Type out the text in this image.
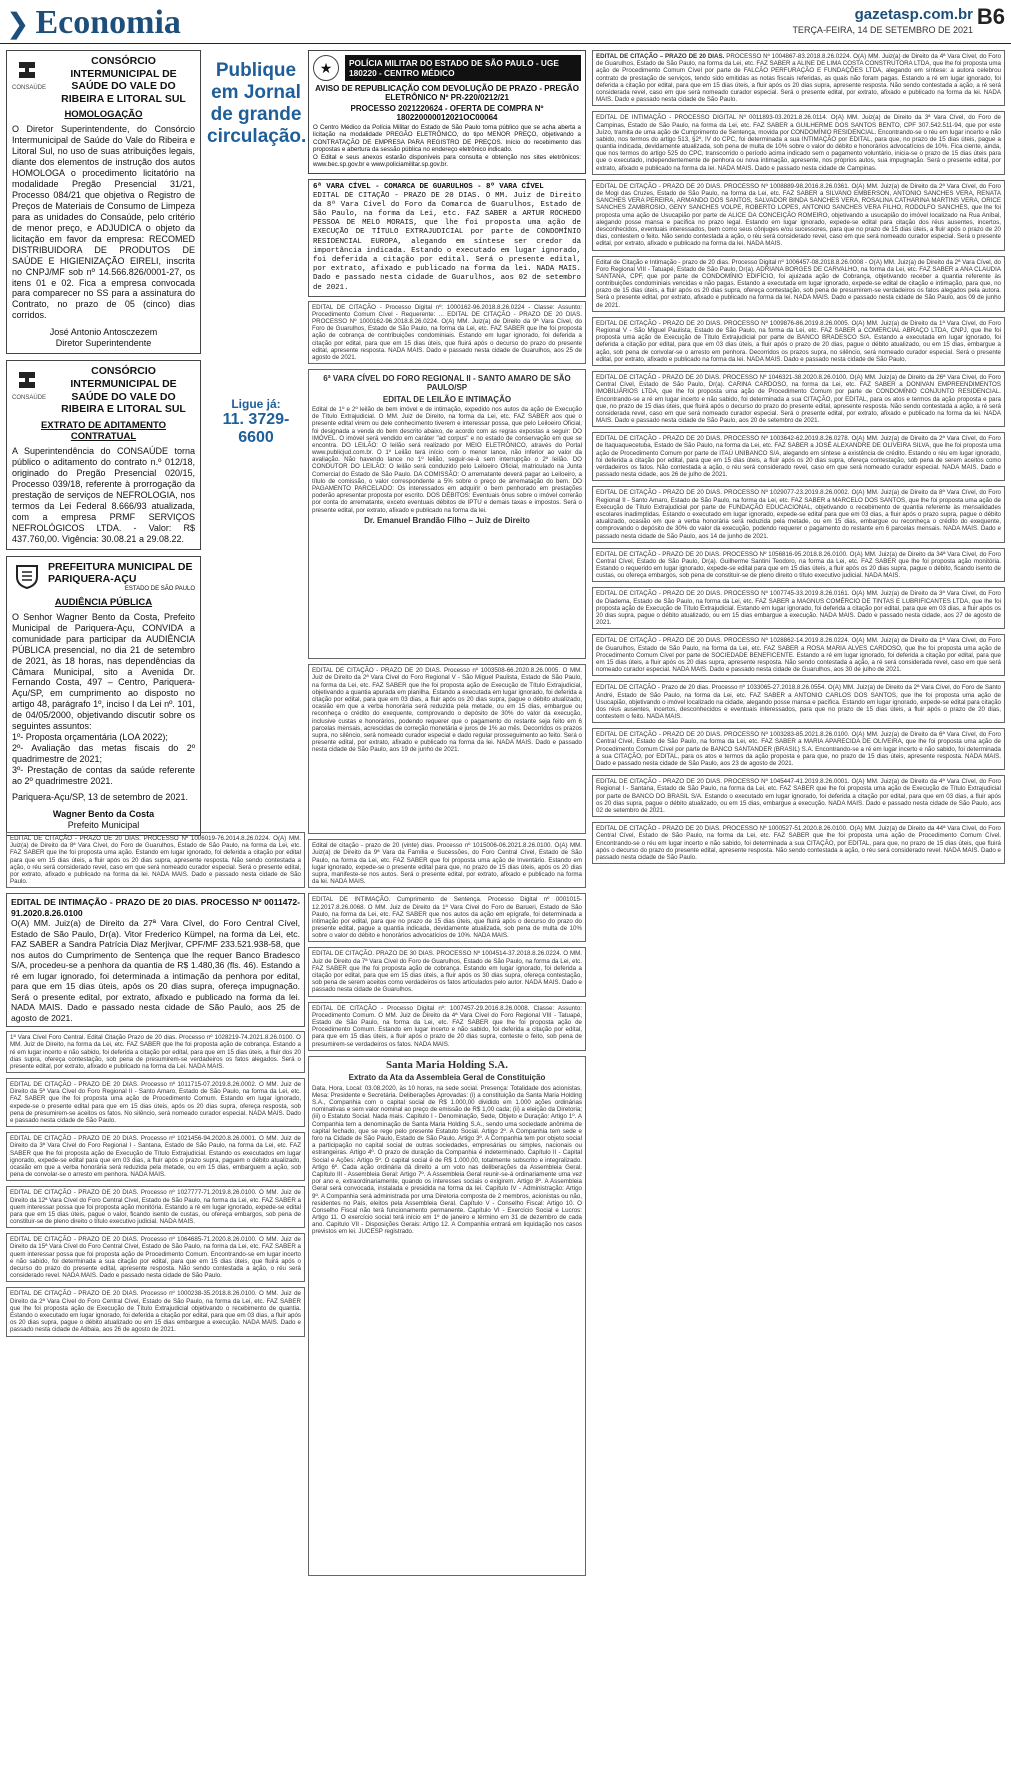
❯ Economia	gazetasp.com.br
TERÇA-FEIRA, 14 DE SETEMBRO DE 2021
B6
CONSAÚDE
CONSÓRCIO INTERMUNICIPAL DE SAÚDE DO VALE DO RIBEIRA E LITORAL SUL
HOMOLOGAÇÃO
O Diretor Superintendente, do Consórcio Intermunicipal de Saúde do Vale do Ribeira e Litoral Sul, no uso de suas atribuições legais, diante dos elementos de instrução dos autos HOMOLOGA o procedimento licitatório na modalidade Pregão Presencial 31/21, Processo 084/21 que objetiva o Registro de Preços de Materiais de Consumo de Limpeza para as unidades do Consaúde, pelo critério de menor preço, e ADJUDICA o objeto da licitação em favor da empresa: RECOMED DISTRIBUIDORA DE PRODUTOS DE SAÚDE E HIGIENIZAÇÃO EIRELI, inscrita no CNPJ/MF sob nº 14.566.826/0001-27, os itens 01 e 02. Fica a empresa convocada para comparecer no SS para a assinatura do Contrato, no prazo de 05 (cinco) dias corridos.
José Antonio Antosczezem
Diretor Superintendente
CONSAÚDE
CONSÓRCIO INTERMUNICIPAL DE SAÚDE DO VALE DO RIBEIRA E LITORAL SUL
EXTRATO DE ADITAMENTO CONTRATUAL
A Superintendência do CONSAÚDE torna público o aditamento do contrato n.º 012/18, originado do Pregão Presencial 020/15, Processo 039/18, referente à prorrogação da prestação de serviços de NEFROLOGIA, nos termos da Lei Federal 8.666/93 atualizada, com a empresa PRMF SERVIÇOS NEFROLÓGICOS LTDA. - Valor: R$ 437.760,00. Vigência: 30.08.21 a 29.08.22.
PREFEITURA MUNICIPAL DE PARIQUERA-AÇU
ESTADO DE SÃO PAULO
AUDIÊNCIA PÚBLICA
O Senhor Wagner Bento da Costa, Prefeito Municipal de Pariquera-Açu, CONVIDA a comunidade para participar da AUDIÊNCIA PÚBLICA presencial, no dia 21 de setembro de 2021, às 18 horas, nas dependências da Câmara Municipal, sito a Avenida Dr. Fernando Costa, 497 – Centro, Pariquera-Açu/SP, em cumprimento ao disposto no artigo 48, parágrafo 1º, inciso I da Lei nº. 101, de 04/05/2000, objetivando discutir sobre os seguintes assuntos:
1º- Proposta orçamentária (LOA 2022);
2º- Avaliação das metas fiscais do 2º quadrimestre de 2021;
3º- Prestação de contas da saúde referente ao 2º quadrimestre 2021.
Pariquera-Açu/SP, 13 de setembro de 2021.
Wagner Bento da Costa
Prefeito Municipal
Publique em Jornal de grande circulação.
Ligue já:
11. 3729-6600
EDITAL DE CITAÇÃO - PRAZO DE 20 DIAS. PROCESSO Nº 1006019-76.2014.8.26.0224. O(A) MM. Juiz(a) de Direito da 8ª Vara Cível, do Foro de Guarulhos, Estado de São Paulo, na forma da Lei, etc. FAZ SABER que lhe foi proposta uma ação. Estando em lugar ignorado, foi deferida a citação por edital para que em 15 dias úteis, a fluir após os 20 dias supra, apresente resposta. Não sendo contestada a ação, o réu será considerado revel, caso em que será nomeado curador especial. Será o presente edital, por extrato, afixado e publicado na forma da lei. NADA MAIS. Dado e passado nesta cidade de São Paulo.
EDITAL DE INTIMAÇÃO - PRAZO DE 20 DIAS. PROCESSO Nº 0011472-91.2020.8.26.0100
O(A) MM. Juiz(a) de Direito da 27ª Vara Cível, do Foro Central Cível, Estado de São Paulo, Dr(a). Vitor Frederico Kümpel, na forma da Lei, etc. FAZ SABER a Sandra Patrícia Diaz Merjivar, CPF/MF 233.521.938-58, que nos autos do Cumprimento de Sentença que lhe requer Banco Bradesco S/A, procedeu-se a penhora da quantia de R$ 1.480,36 (fls. 46). Estando a ré em lugar ignorado, foi determinada a intimação da penhora por edital, para que em 15 dias úteis, após os 20 dias supra, ofereça impugnação. Será o presente edital, por extrato, afixado e publicado na forma da lei. NADA MAIS. Dado e passado nesta cidade de São Paulo, aos 25 de agosto de 2021.
1ª Vara Cível Foro Central. Edital Citação Prazo de 20 dias. Processo nº 1028219-74.2021.8.26.0100. O MM. Juiz de Direito, na forma da Lei, etc. FAZ SABER que lhe foi proposta ação de cobrança. Estando a ré em lugar incerto e não sabido, foi deferida a citação por edital, para que em 15 dias úteis, a fluir dos 20 dias supra, ofereça contestação, sob pena de presumirem-se verdadeiros os fatos alegados. Será o presente edital, por extrato, afixado e publicado na forma da Lei. NADA MAIS.
EDITAL DE CITAÇÃO - PRAZO DE 20 DIAS. Processo nº 1011715-07.2019.8.26.0002. O MM. Juiz de Direito da 5ª Vara Cível do Foro Regional II - Santo Amaro, Estado de São Paulo, na forma da Lei, etc. FAZ SABER que lhe foi proposta uma ação de Procedimento Comum. Estando em lugar ignorado, expede-se o presente edital para que em 15 dias úteis, após os 20 dias supra, ofereça resposta, sob pena de presumirem-se aceitos os fatos. No silêncio, será nomeado curador especial. NADA MAIS. Dado e passado nesta cidade de São Paulo.
EDITAL DE CITAÇÃO - PRAZO DE 20 DIAS. Processo nº 1021456-94.2020.8.26.0001. O MM. Juiz de Direito da 3ª Vara Cível do Foro Regional I - Santana, Estado de São Paulo, na forma da Lei, etc. FAZ SABER que lhe foi proposta ação de Execução de Título Extrajudicial. Estando os executados em lugar ignorado, expede-se edital para que em 03 dias, a fluir após o prazo supra, paguem o débito atualizado, ocasião em que a verba honorária será reduzida pela metade, ou em 15 dias, embarguem a ação, sob pena de convolar-se o arresto em penhora. NADA MAIS.
EDITAL DE CITAÇÃO - PRAZO DE 20 DIAS. Processo nº 1027777-71.2019.8.26.0100. O MM. Juiz de Direito da 12ª Vara Cível do Foro Central Cível, Estado de São Paulo, na forma da Lei, etc. FAZ SABER a quem interessar possa que foi proposta ação monitória. Estando a ré em lugar ignorado, expede-se edital para que em 15 dias úteis, pague o valor, ficando isento de custas, ou ofereça embargos, sob pena de constituir-se de pleno direito o título executivo judicial. NADA MAIS.
EDITAL DE CITAÇÃO - PRAZO DE 20 DIAS. Processo nº 1064685-71.2020.8.26.0100. O MM. Juiz de Direito da 15ª Vara Cível do Foro Central Cível, Estado de São Paulo, na forma da Lei, etc. FAZ SABER a quem interessar possa que foi proposta ação de Procedimento Comum. Encontrando-se em lugar incerto e não sabido, foi determinada a sua citação por edital, para que em 15 dias úteis, que fluirá após o decurso do prazo do presente edital, apresente resposta. Não sendo contestada a ação, o réu será considerado revel. NADA MAIS. Dado e passado nesta cidade de São Paulo.
EDITAL DE CITAÇÃO - PRAZO DE 20 DIAS. Processo nº 1000238-35.2018.8.26.0100. O MM. Juiz de Direito da 2ª Vara Cível do Foro Central Cível, Estado de São Paulo, na forma da Lei, etc. FAZ SABER que lhe foi proposta ação de Execução de Título Extrajudicial objetivando o recebimento de quantia. Estando o executado em lugar ignorado, foi deferida a citação por edital, para que em 03 dias, a fluir após os 20 dias supra, pague o débito atualizado ou em 15 dias embargue a execução. NADA MAIS. Dado e passado nesta cidade de Atibaia, aos 26 de agosto de 2021.
★	POLÍCIA MILITAR DO ESTADO DE SÃO PAULO - UGE 180220 - CENTRO MÉDICO
AVISO DE REPUBLICAÇÃO COM DEVOLUÇÃO DE PRAZO - PREGÃO ELETRÔNICO Nº PR-220/0212/21
PROCESSO 2021220624 - OFERTA DE COMPRA Nº 180220000012021OC00064
O Centro Médico da Polícia Militar do Estado de São Paulo torna público que se acha aberta a licitação na modalidade PREGÃO ELETRÔNICO, do tipo MENOR PREÇO, objetivando a CONTRATAÇÃO DE EMPRESA PARA REGISTRO DE PREÇOS. Início do recebimento das propostas e abertura da sessão pública no endereço eletrônico indicado.
O Edital e seus anexos estarão disponíveis para consulta e obtenção nos sites eletrônicos: www.bec.sp.gov.br e www.policiamilitar.sp.gov.br.
6ª VARA CÍVEL - COMARCA DE GUARULHOS - 8º VARA CÍVEL
EDITAL DE CITAÇÃO - PRAZO DE 20 DIAS. O MM. Juiz de Direito da 8ª Vara Cível do Foro da Comarca de Guarulhos, Estado de São Paulo, na forma da Lei, etc. FAZ SABER a ARTUR ROCHEDO PESSOA DE MELO MORAIS, que lhe foi proposta uma ação de EXECUÇÃO DE TÍTULO EXTRAJUDICIAL por parte de CONDOMÍNIO RESIDENCIAL EUROPA, alegando em síntese ser credor da importância indicada. Estando o executado em lugar ignorado, foi deferida a citação por edital. Será o presente edital, por extrato, afixado e publicado na forma da lei. NADA MAIS. Dado e passado nesta cidade de Guarulhos, aos 02 de setembro de 2021.
EDITAL DE CITAÇÃO - Processo Digital nº: 1000162-96.2018.8.26.0224 - Classe: Assunto: Procedimento Comum Cível - Requerente: ... EDITAL DE CITAÇÃO - PRAZO DE 20 DIAS. PROCESSO Nº 1000162-96.2018.8.26.0224. O(A) MM. Juiz(a) de Direito da 9ª Vara Cível, do Foro de Guarulhos, Estado de São Paulo, na forma da Lei, etc. FAZ SABER que lhe foi proposta ação de cobrança de contribuições condominiais. Estando em lugar ignorado, foi deferida a citação por edital, para que em 15 dias úteis, que fluirá após o decurso do prazo do presente edital, apresente resposta. NADA MAIS. Dado e passado nesta cidade de Guarulhos, aos 25 de agosto de 2021.
6ª VARA CÍVEL DO FORO REGIONAL II - SANTO AMARO DE SÃO PAULO/SP
EDITAL DE LEILÃO E INTIMAÇÃO
Edital de 1º e 2º leilão de bem imóvel e de intimação, expedido nos autos da ação de Execução de Título Extrajudicial. O MM. Juiz de Direito, na forma da Lei, etc. FAZ SABER aos que o presente edital virem ou dele conhecimento tiverem e interessar possa, que pelo Leiloeiro Oficial, foi designada a venda do bem descrito abaixo, de acordo com as regras expostas a seguir: DO IMÓVEL. O imóvel será vendido em caráter "ad corpus" e no estado de conservação em que se encontra. DO LEILÃO: O leilão será realizado por MEIO ELETRÔNICO, através do Portal www.publicjud.com.br. O 1º Leilão terá início com o menor lance, não inferior ao valor da avaliação. Não havendo lance no 1º leilão, seguir-se-á sem interrupção o 2º leilão. DO CONDUTOR DO LEILÃO: O leilão será conduzido pelo Leiloeiro Oficial, matriculado na Junta Comercial do Estado de São Paulo. DA COMISSÃO: O arrematante deverá pagar ao Leiloeiro, a título de comissão, o valor correspondente a 5% sobre o preço de arrematação do bem. DO PAGAMENTO PARCELADO: Os interessados em adquirir o bem penhorado em prestações poderão apresentar proposta por escrito. DOS DÉBITOS: Eventuais ônus sobre o imóvel correrão por conta do arrematante, exceto eventuais débitos de IPTU e demais taxas e impostos. Será o presente edital, por extrato, afixado e publicado na forma da lei.
Dr. Emanuel Brandão Filho – Juiz de Direito
EDITAL DE CITAÇÃO - PRAZO DE 20 DIAS. Processo nº 1003508-66.2020.8.26.0005. O MM. Juiz de Direito da 2ª Vara Cível do Foro Regional V - São Miguel Paulista, Estado de São Paulo, na forma da Lei, etc. FAZ SABER que lhe foi proposta ação de Execução de Título Extrajudicial, objetivando a quantia apurada em planilha. Estando a executada em lugar ignorado, foi deferida a citação por edital, para que em 03 dias, a fluir após os 20 dias supra, pague o débito atualizado, ocasião em que a verba honorária será reduzida pela metade, ou em 15 dias, embargue ou reconheça o crédito do exequente, comprovando o depósito de 30% do valor da execução, inclusive custas e honorários, podendo requerer que o pagamento do restante seja feito em 6 parcelas mensais, acrescidas de correção monetária e juros de 1% ao mês. Decorridos os prazos supra, no silêncio, será nomeado curador especial e dado regular prosseguimento ao feito. Será o presente edital, por extrato, afixado e publicado na forma da lei. NADA MAIS. Dado e passado nesta cidade de São Paulo, aos 19 de junho de 2021.
Edital de citação - prazo de 20 (vinte) dias. Processo nº 1015006-06.2021.8.26.0100. O(A) MM. Juiz(a) de Direito da 9ª Vara da Família e Sucessões, do Foro Central Cível, Estado de São Paulo, na forma da Lei, etc. FAZ SABER que foi proposta uma ação de Inventário. Estando em lugar ignorado, expede-se o presente edital para que, no prazo de 15 dias úteis, após os 20 dias supra, manifeste-se nos autos. Será o presente edital, por extrato, afixado e publicado na forma da lei. NADA MAIS.
EDITAL DE INTIMAÇÃO. Cumprimento de Sentença. Processo Digital nº 0001015-12.2017.8.26.0068. O MM. Juiz de Direito da 1ª Vara Cível do Foro de Barueri, Estado de São Paulo, na forma da Lei, etc. FAZ SABER que nos autos da ação em epígrafe, foi determinada a intimação por edital, para que no prazo de 15 dias úteis, que fluirá após o decurso do prazo do presente edital, pague a quantia indicada, devidamente atualizada, sob pena de multa de 10% sobre o valor do débito e honorários advocatícios de 10%. NADA MAIS.
EDITAL DE CITAÇÃO. PRAZO DE 30 DIAS. PROCESSO Nº 1004514-37.2018.8.26.0224. O MM. Juiz de Direito da 7ª Vara Cível do Foro de Guarulhos, Estado de São Paulo, na forma da Lei, etc. FAZ SABER que lhe foi proposta ação de cobrança. Estando em lugar ignorado, foi deferida a citação por edital, para que em 15 dias úteis, a fluir após os 30 dias supra, ofereça contestação, sob pena de serem aceitos como verdadeiros os fatos articulados pelo autor. NADA MAIS. Dado e passado nesta cidade de Guarulhos.
EDITAL DE CITAÇÃO - Processo Digital nº: 1007457-29.2016.8.26.0008. Classe: Assunto: Procedimento Comum. O MM. Juiz de Direito da 4ª Vara Cível do Foro Regional VIII - Tatuapé, Estado de São Paulo, na forma da Lei, etc. FAZ SABER que lhe foi proposta ação de Procedimento Comum. Estando em lugar incerto e não sabido, foi deferida a citação por edital, para que em 15 dias úteis, a fluir após o prazo de 20 dias supra, conteste o feito, sob pena de presumirem-se verdadeiros os fatos. NADA MAIS.
Santa Maria Holding S.A.
Extrato da Ata da Assembleia Geral de Constituição
Data, Hora, Local: 03.08.2020, às 10 horas, na sede social. Presença: Totalidade dos acionistas. Mesa: Presidente e Secretária. Deliberações Aprovadas: (i) a constituição da Santa Maria Holding S.A., Companhia com o capital social de R$ 1.000,00 dividido em 1.000 ações ordinárias nominativas e sem valor nominal ao preço de emissão de R$ 1,00 cada; (ii) a eleição da Diretoria; (iii) o Estatuto Social. Nada mais. Capítulo I - Denominação, Sede, Objeto e Duração: Artigo 1º. A Companhia tem a denominação de Santa Maria Holding S.A., sendo uma sociedade anônima de capital fechado, que se rege pelo presente Estatuto Social. Artigo 2º. A Companhia tem sede e foro na Cidade de São Paulo, Estado de São Paulo. Artigo 3º. A Companhia tem por objeto social a participação no capital social de outras sociedades, empresárias ou simples, nacionais ou estrangeiras. Artigo 4º. O prazo de duração da Companhia é indeterminado. Capítulo II - Capital Social e Ações: Artigo 5º. O capital social é de R$ 1.000,00, totalmente subscrito e integralizado. Artigo 6º. Cada ação ordinária dá direito a um voto nas deliberações da Assembleia Geral. Capítulo III - Assembleia Geral: Artigo 7º. A Assembleia Geral reunir-se-á ordinariamente uma vez por ano e, extraordinariamente, quando os interesses sociais o exigirem. Artigo 8º. A Assembleia Geral será convocada, instalada e presidida na forma da lei. Capítulo IV - Administração: Artigo 9º. A Companhia será administrada por uma Diretoria composta de 2 membros, acionistas ou não, residentes no País, eleitos pela Assembleia Geral. Capítulo V - Conselho Fiscal: Artigo 10. O Conselho Fiscal não terá funcionamento permanente. Capítulo VI - Exercício Social e Lucros: Artigo 11. O exercício social terá início em 1º de janeiro e término em 31 de dezembro de cada ano. Capítulo VII - Disposições Gerais: Artigo 12. A Companhia entrará em liquidação nos casos previstos em lei. JUCESP registrado.
EDITAL DE CITAÇÃO – PRAZO DE 20 DIAS. PROCESSO Nº 1004867-83.2018.8.26.0224. O(A) MM. Juiz(a) de Direito da 4ª Vara Cível, do Foro de Guarulhos, Estado de São Paulo, na forma da Lei, etc. FAZ SABER a ALINE DE LIMA COSTA CONSTRUTORA LTDA, que lhe foi proposta uma ação de Procedimento Comum Cível por parte de FALCÃO PERFURAÇÃO E FUNDAÇÕES LTDA, alegando em síntese: a autora celebrou contrato de prestação de serviços, tendo sido emitidas as notas fiscais referidas, as quais não foram pagas. Estando a ré em lugar ignorado, foi deferida a citação por edital, para que em 15 dias úteis, a fluir após os 20 dias supra, apresente resposta. Não sendo contestada a ação, a ré será considerada revel, caso em que será nomeado curador especial. Será o presente edital, por extrato, afixado e publicado na forma da lei. NADA MAIS. Dado e passado nesta cidade de São Paulo.
EDITAL DE INTIMAÇÃO - PROCESSO DIGITAL Nº 0011893-03.2021.8.26.0114. O(A) MM. Juiz(a) de Direito da 3ª Vara Cível, do Foro de Campinas, Estado de São Paulo, na forma da Lei, etc. FAZ SABER a GUILHERME DOS SANTOS BENTO, CPF 307.542.511-94, que por este Juízo, tramita de uma ação de Cumprimento de Sentença, movida por CONDOMÍNIO RESIDENCIAL. Encontrando-se o réu em lugar incerto e não sabido, nos termos do artigo 513, §2º, IV do CPC, foi determinada a sua INTIMAÇÃO por EDITAL, para que, no prazo de 15 dias úteis, pague a quantia indicada, devidamente atualizada, sob pena de multa de 10% sobre o valor do débito e honorários advocatícios de 10%. Fica ciente, ainda, que nos termos do artigo 525 do CPC, transcorrido o período acima indicado sem o pagamento voluntário, inicia-se o prazo de 15 dias úteis para que o executado, independentemente de penhora ou nova intimação, apresente, nos próprios autos, sua impugnação. Será o presente edital, por extrato, afixado e publicado na forma da lei. NADA MAIS. Dado e passado nesta cidade de Campinas.
EDITAL DE CITAÇÃO - PRAZO DE 20 DIAS. PROCESSO Nº 1008889-98.2016.8.26.0361. O(A) MM. Juiz(a) de Direito da 2ª Vara Cível, do Foro de Mogi das Cruzes, Estado de São Paulo, na forma da Lei, etc. FAZ SABER a SILVANO EMBERSON, ANTONIO SANCHES VERA, RENATA SANCHES VERA PEREIRA, ARMANDO DOS SANTOS, SALVADOR BINDA SANCHES VERA, ROSALINA CATHARINA MARTINS VERA, ORICE SANCHES ZAMBROSIO, GENY SANCHES VOLPE, ROBERTO LOPES, ANTONIO SANCHES VERA FILHO, RODOLFO SANCHES, que lhe foi proposta uma ação de Usucapião por parte de ALICE DA CONCEIÇÃO ROMEIRO, objetivando a usucapião do imóvel localizado na Rua Aníbal, alegando posse mansa e pacífica no prazo legal. Estando em lugar ignorado, expede-se edital para citação dos réus ausentes, incertos, desconhecidos, eventuais interessados, bem como seus cônjuges e/ou sucessores, para que no prazo de 15 dias úteis, a fluir após o prazo de 20 dias, contestem o feito. Não sendo contestada a ação, o réu será considerado revel, caso em que será nomeado curador especial. Será o presente edital, por extrato, afixado e publicado na forma da lei. NADA MAIS.
Edital de Citação e Intimação - prazo de 20 dias. Processo Digital nº 1006457-08.2018.8.26.0008 - O(A) MM. Juiz(a) de Direito da 2ª Vara Cível, do Foro Regional VIII - Tatuapé, Estado de São Paulo, Dr(a). ADRIANA BORGES DE CARVALHO, na forma da Lei, etc. FAZ SABER a ANA CLAUDIA SANTANA, CPF, que por parte de CONDOMÍNIO EDIFÍCIO, foi ajuizada ação de Cobrança, objetivando receber a quantia referente às contribuições condominiais vencidas e não pagas. Estando a executada em lugar ignorado, expede-se edital de citação e intimação, para que, no prazo de 15 dias úteis, a fluir após os 20 dias supra, ofereça contestação, sob pena de presumirem-se verdadeiros os fatos alegados pela autora. Será o presente edital, por extrato, afixado e publicado na forma da lei. NADA MAIS. Dado e passado nesta cidade de São Paulo, aos 09 de junho de 2021.
EDITAL DE CITAÇÃO - PRAZO DE 20 DIAS. PROCESSO Nº 1009876-86.2019.8.26.0005. O(A) MM. Juiz(a) de Direito da 1ª Vara Cível, do Foro Regional V - São Miguel Paulista, Estado de São Paulo, na forma da Lei, etc. FAZ SABER a COMERCIAL ABRAÇO LTDA, CNPJ, que lhe foi proposta uma ação de Execução de Título Extrajudicial por parte de BANCO BRADESCO S/A. Estando a executada em lugar ignorado, foi deferida a citação por edital, para que em 03 dias úteis, a fluir após o prazo de 20 dias, pague o débito atualizado, ou em 15 dias, embargue a ação, sob pena de convolar-se o arresto em penhora. Decorridos os prazos supra, no silêncio, será nomeado curador especial. Será o presente edital, por extrato, afixado e publicado na forma da lei. NADA MAIS. Dado e passado nesta cidade de São Paulo.
EDITAL DE CITAÇÃO - PRAZO DE 20 DIAS. PROCESSO Nº 1046321-38.2020.8.26.0100. O(A) MM. Juiz(a) de Direito da 26ª Vara Cível, do Foro Central Cível, Estado de São Paulo, Dr(a). CARINA CARDOSO, na forma da Lei, etc. FAZ SABER a DONIVAN EMPREENDIMENTOS IMOBILIÁRIOS LTDA, que lhe foi proposta uma ação de Procedimento Comum por parte de CONDOMÍNIO CONJUNTO RESIDENCIAL. Encontrando-se a ré em lugar incerto e não sabido, foi determinada a sua CITAÇÃO, por EDITAL, para os atos e termos da ação proposta e para que, no prazo de 15 dias úteis, que fluirá após o decurso do prazo do presente edital, apresente resposta. Não sendo contestada a ação, a ré será considerada revel, caso em que será nomeado curador especial. Será o presente edital, por extrato, afixado e publicado na forma da lei. NADA MAIS. Dado e passado nesta cidade de São Paulo, aos 20 de setembro de 2021.
EDITAL DE CITAÇÃO - PRAZO DE 20 DIAS. PROCESSO Nº 1003642-62.2019.8.26.0278. O(A) MM. Juiz(a) de Direito da 2ª Vara Cível, do Foro de Itaquaquecetuba, Estado de São Paulo, na forma da Lei, etc. FAZ SABER a JOSÉ ALEXANDRE DE OLIVEIRA SILVA, que lhe foi proposta uma ação de Procedimento Comum por parte de ITAÚ UNIBANCO S/A, alegando em síntese a existência de crédito. Estando o réu em lugar ignorado, foi deferida a citação por edital, para que em 15 dias úteis, a fluir após os 20 dias supra, ofereça contestação, sob pena de serem aceitos como verdadeiros os fatos. Não contestada a ação, o réu será considerado revel, caso em que será nomeado curador especial. NADA MAIS. Dado e passado nesta cidade, aos 26 de julho de 2021.
EDITAL DE CITAÇÃO - PRAZO DE 20 DIAS. PROCESSO Nº 1029077-23.2019.8.26.0002. O(A) MM. Juiz(a) de Direito da 8ª Vara Cível, do Foro Regional II - Santo Amaro, Estado de São Paulo, na forma da Lei, etc. FAZ SABER a MARCELO DOS SANTOS, que lhe foi proposta uma ação de Execução de Título Extrajudicial por parte de FUNDAÇÃO EDUCACIONAL, objetivando o recebimento de quantia referente às mensalidades escolares inadimplidas. Estando o executado em lugar ignorado, expede-se edital para que em 03 dias, a fluir após o prazo supra, pague o débito atualizado, ocasião em que a verba honorária será reduzida pela metade, ou em 15 dias, embargue ou reconheça o crédito do exequente, comprovando o depósito de 30% do valor da execução, podendo requerer o pagamento do restante em 6 parcelas mensais. NADA MAIS. Dado e passado nesta cidade de São Paulo, aos 14 de junho de 2021.
EDITAL DE CITAÇÃO - PRAZO DE 20 DIAS. PROCESSO Nº 1056816-95.2018.8.26.0100. O(A) MM. Juiz(a) de Direito da 34ª Vara Cível, do Foro Central Cível, Estado de São Paulo, Dr(a). Guilherme Santini Teodoro, na forma da Lei, etc. FAZ SABER que lhe foi proposta ação monitória. Estando o requerido em lugar ignorado, expede-se edital para que em 15 dias úteis, a fluir após os 20 dias supra, pague o débito, ficando isento de custas, ou ofereça embargos, sob pena de constituir-se de pleno direito o título executivo judicial. NADA MAIS.
EDITAL DE CITAÇÃO - PRAZO DE 20 DIAS. PROCESSO Nº 1007745-33.2019.8.26.0161. O(A) MM. Juiz(a) de Direito da 3ª Vara Cível, do Foro de Diadema, Estado de São Paulo, na forma da Lei, etc. FAZ SABER a MAGNUS COMÉRCIO DE TINTAS E LUBRIFICANTES LTDA, que lhe foi proposta ação de Execução de Título Extrajudicial. Estando em lugar ignorado, foi deferida a citação por edital, para que em 03 dias, a fluir após os 20 dias supra, pague o débito atualizado, ou em 15 dias embargue a execução. NADA MAIS. Dado e passado nesta cidade, aos 27 de agosto de 2021.
EDITAL DE CITAÇÃO - PRAZO DE 20 DIAS. PROCESSO Nº 1028862-14.2019.8.26.0224. O(A) MM. Juiz(a) de Direito da 1ª Vara Cível, do Foro de Guarulhos, Estado de São Paulo, na forma da Lei, etc. FAZ SABER a ROSA MARIA ALVES CARDOSO, que lhe foi proposta uma ação de Procedimento Comum Cível por parte de SOCIEDADE BENEFICENTE. Estando a ré em lugar ignorado, foi deferida a citação por edital, para que em 15 dias úteis, a fluir após os 20 dias supra, apresente resposta. Não sendo contestada a ação, a ré será considerada revel, caso em que será nomeado curador especial. NADA MAIS. Dado e passado nesta cidade de Guarulhos, aos 30 de julho de 2021.
EDITAL DE CITAÇÃO - Prazo de 20 dias. Processo nº 1033065-27.2018.8.26.0554. O(A) MM. Juiz(a) de Direito da 2ª Vara Cível, do Foro de Santo André, Estado de São Paulo, na forma da Lei, etc. FAZ SABER a ANTONIO CARLOS DOS SANTOS, que lhe foi proposta uma ação de Usucapião, objetivando o imóvel localizado na cidade, alegando posse mansa e pacífica. Estando em lugar ignorado, expede-se edital para citação dos réus ausentes, incertos, desconhecidos e eventuais interessados, para que no prazo de 15 dias úteis, a fluir após o prazo de 20 dias, contestem o feito. NADA MAIS.
EDITAL DE CITAÇÃO - PRAZO DE 20 DIAS. PROCESSO Nº 1003283-85.2021.8.26.0100. O(A) MM. Juiz(a) de Direito da 6ª Vara Cível, do Foro Central Cível, Estado de São Paulo, na forma da Lei, etc. FAZ SABER a MARIA APARECIDA DE OLIVEIRA, que lhe foi proposta uma ação de Procedimento Comum Cível por parte de BANCO SANTANDER (BRASIL) S.A. Encontrando-se a ré em lugar incerto e não sabido, foi determinada a sua CITAÇÃO, por EDITAL, para os atos e termos da ação proposta e para que, no prazo de 15 dias úteis, apresente resposta. NADA MAIS. Dado e passado nesta cidade de São Paulo, aos 23 de agosto de 2021.
EDITAL DE CITAÇÃO - PRAZO DE 20 DIAS. PROCESSO Nº 1045447-41.2019.8.26.0001. O(A) MM. Juiz(a) de Direito da 4ª Vara Cível, do Foro Regional I - Santana, Estado de São Paulo, na forma da Lei, etc. FAZ SABER que lhe foi proposta uma ação de Execução de Título Extrajudicial por parte de BANCO DO BRASIL S/A. Estando o executado em lugar ignorado, foi deferida a citação por edital, para que em 03 dias, a fluir após os 20 dias supra, pague o débito atualizado, ou em 15 dias, embargue a execução. NADA MAIS. Dado e passado nesta cidade de São Paulo, aos 02 de setembro de 2021.
EDITAL DE CITAÇÃO - PRAZO DE 20 DIAS. PROCESSO Nº 1000527-51.2020.8.26.0100. O(A) MM. Juiz(a) de Direito da 44ª Vara Cível, do Foro Central Cível, Estado de São Paulo, na forma da Lei, etc. FAZ SABER que lhe foi proposta uma ação de Procedimento Comum Cível. Encontrando-se o réu em lugar incerto e não sabido, foi determinada a sua CITAÇÃO, por EDITAL, para que, no prazo de 15 dias úteis, que fluirá após o decurso do prazo do presente edital, apresente resposta. Não sendo contestada a ação, o réu será considerado revel. NADA MAIS. Dado e passado nesta cidade de São Paulo.
